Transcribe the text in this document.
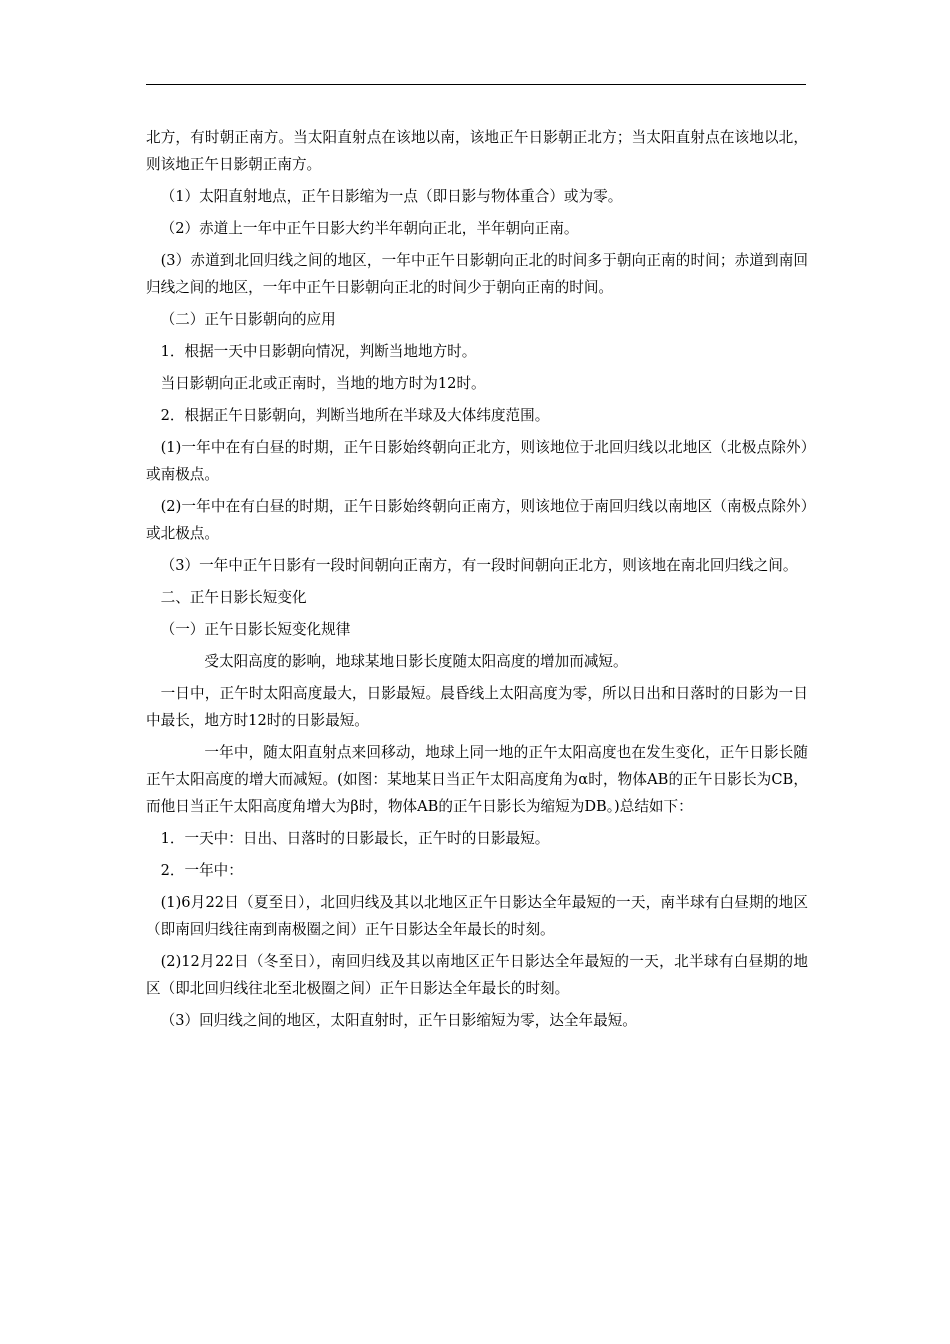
北方，有时朝正南方。当太阳直射点在该地以南，该地正午日影朝正北方；当太阳直射点在该地以北，则该地正午日影朝正南方。

（1）太阳直射地点，正午日影缩为一点（即日影与物体重合）或为零。

（2）赤道上一年中正午日影大约半年朝向正北，半年朝向正南。

(3）赤道到北回归线之间的地区，一年中正午日影朝向正北的时间多于朝向正南的时间；赤道到南回归线之间的地区，一年中正午日影朝向正北的时间少于朝向正南的时间。

（二）正午日影朝向的应用

1．根据一天中日影朝向情况，判断当地地方时。

当日影朝向正北或正南时，当地的地方时为12时。

2．根据正午日影朝向，判断当地所在半球及大体纬度范围。

(1)一年中在有白昼的时期，正午日影始终朝向正北方，则该地位于北回归线以北地区（北极点除外）或南极点。

(2)一年中在有白昼的时期，正午日影始终朝向正南方，则该地位于南回归线以南地区（南极点除外）或北极点。

（3）一年中正午日影有一段时间朝向正南方，有一段时间朝向正北方，则该地在南北回归线之间。

二、正午日影长短变化

（一）正午日影长短变化规律

受太阳高度的影响，地球某地日影长度随太阳高度的增加而减短。

一日中，正午时太阳高度最大，日影最短。晨昏线上太阳高度为零，所以日出和日落时的日影为一日中最长，地方时12时的日影最短。

一年中，随太阳直射点来回移动，地球上同一地的正午太阳高度也在发生变化，正午日影长随正午太阳高度的增大而减短。(如图：某地某日当正午太阳高度角为α时，物体AB的正午日影长为CB，而他日当正午太阳高度角增大为β时，物体AB的正午日影长为缩短为DB。)总结如下：

1．一天中：日出、日落时的日影最长，正午时的日影最短。

2．一年中：

(1)6月22日（夏至日），北回归线及其以北地区正午日影达全年最短的一天，南半球有白昼期的地区（即南回归线往南到南极圈之间）正午日影达全年最长的时刻。

(2)12月22日（冬至日），南回归线及其以南地区正午日影达全年最短的一天，北半球有白昼期的地区（即北回归线往北至北极圈之间）正午日影达全年最长的时刻。

（3）回归线之间的地区，太阳直射时，正午日影缩短为零，达全年最短。
